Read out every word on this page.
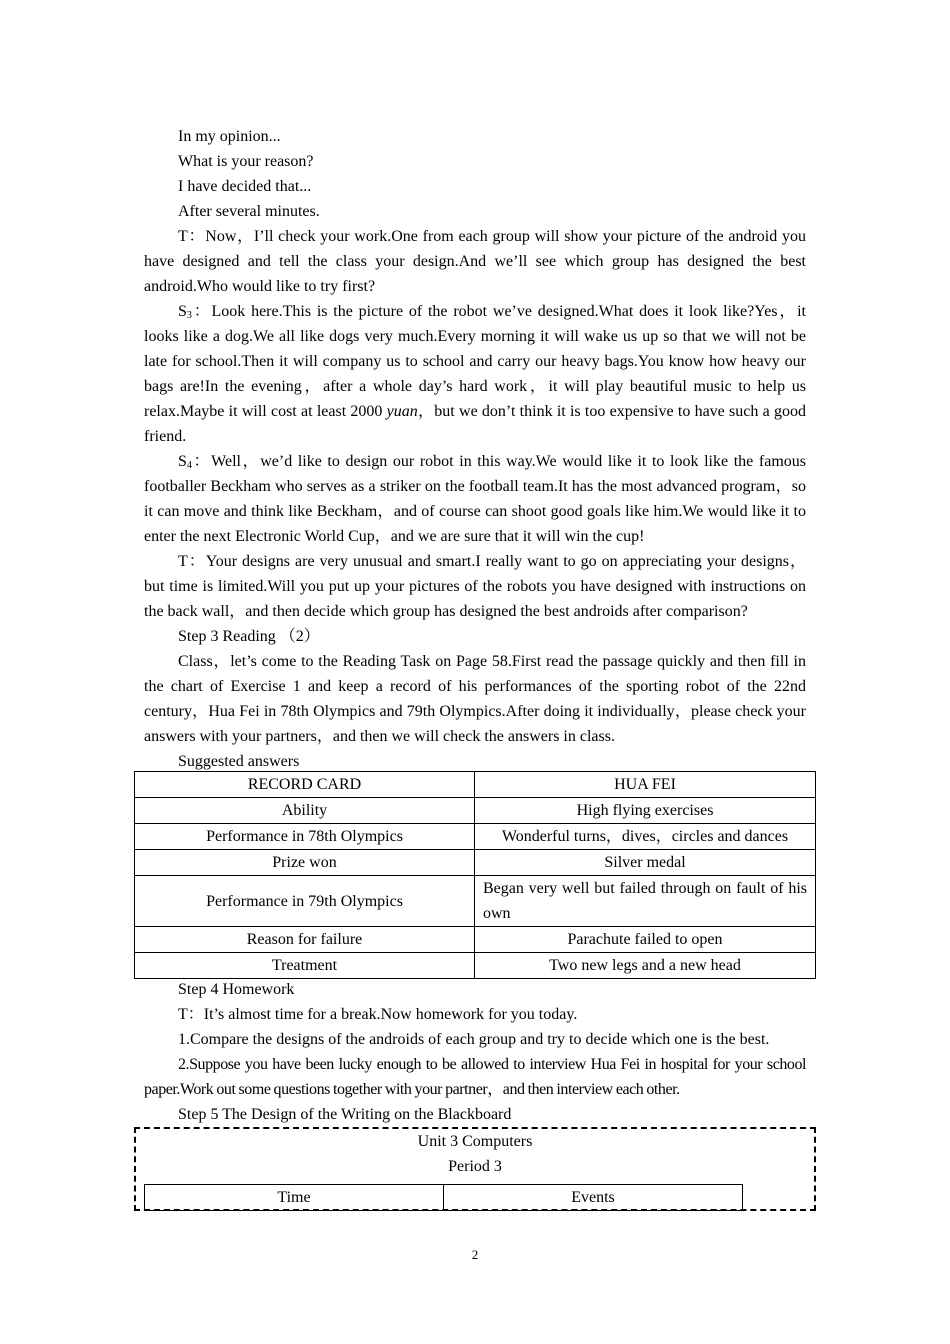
In my opinion...

What is your reason?

I have decided that...

After several minutes.

T：Now，I’ll check your work.One from each group will show your picture of the android you have designed and tell the class your design.And we’ll see which group has designed the best android.Who would like to try first?

$S_3$：Look here.This is the picture of the robot we’ve designed.What does it look like?Yes，it looks like a dog.We all like dogs very much.Every morning it will wake us up so that we will not be late for school.Then it will company us to school and carry our heavy bags.You know how heavy our bags are!In the evening，after a whole day’s hard work，it will play beautiful music to help us relax.Maybe it will cost at least 2000 yuan，but we don’t think it is too expensive to have such a good friend.

$S_4$：Well，we’d like to design our robot in this way.We would like it to look like the famous footballer Beckham who serves as a striker on the football team.It has the most advanced program，so it can move and think like Beckham，and of course can shoot good goals like him.We would like it to enter the next Electronic World Cup，and we are sure that it will win the cup!

T：Your designs are very unusual and smart.I really want to go on appreciating your designs，but time is limited.Will you put up your pictures of the robots you have designed with instructions on the back wall，and then decide which group has designed the best androids after comparison?

Step 3 Reading （2）

Class，let’s come to the Reading Task on Page 58.First read the passage quickly and then fill in the chart of Exercise 1 and keep a record of his performances of the sporting robot of the 22nd century，Hua Fei in 78th Olympics and 79th Olympics.After doing it individually，please check your answers with your partners，and then we will check the answers in class.

Suggested answers

RECORD CARD	HUA FEI
Ability	High flying exercises
Performance in 78th Olympics	Wonderful turns，dives，circles and dances
Prize won	Silver medal
Performance in 79th Olympics	Began very well but failed through on fault of his own
Reason for failure	Parachute failed to open
Treatment	Two new legs and a new head

Step 4 Homework

T：It’s almost time for a break.Now homework for you today.

1.Compare the designs of the androids of each group and try to decide which one is the best.

2.Suppose you have been lucky enough to be allowed to interview Hua Fei in hospital for your school paper.Work out some questions together with your partner，and then interview each other.

Step 5 The Design of the Writing on the Blackboard

Unit 3 Computers
Period 3
Time	Events
2
